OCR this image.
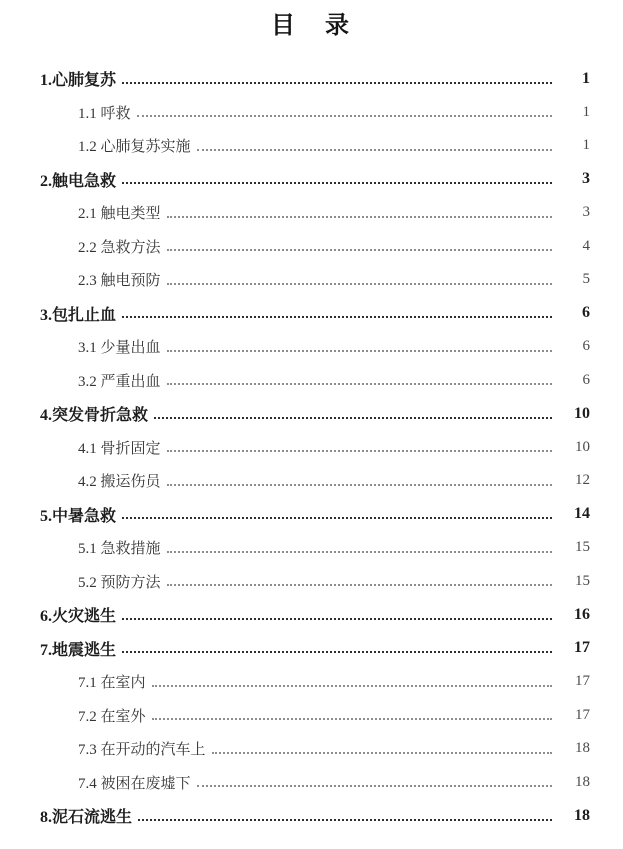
目　录
1.心肺复苏	1
1.1 呼救	1
1.2 心肺复苏实施	1
2.触电急救	3
2.1 触电类型	3
2.2 急救方法	4
2.3 触电预防	5
3.包扎止血	6
3.1 少量出血	6
3.2 严重出血	6
4.突发骨折急救	10
4.1 骨折固定	10
4.2 搬运伤员	12
5.中暑急救	14
5.1 急救措施	15
5.2 预防方法	15
6.火灾逃生	16
7.地震逃生	17
7.1 在室内	17
7.2 在室外	17
7.3 在开动的汽车上	18
7.4 被困在废墟下	18
8.泥石流逃生	18
